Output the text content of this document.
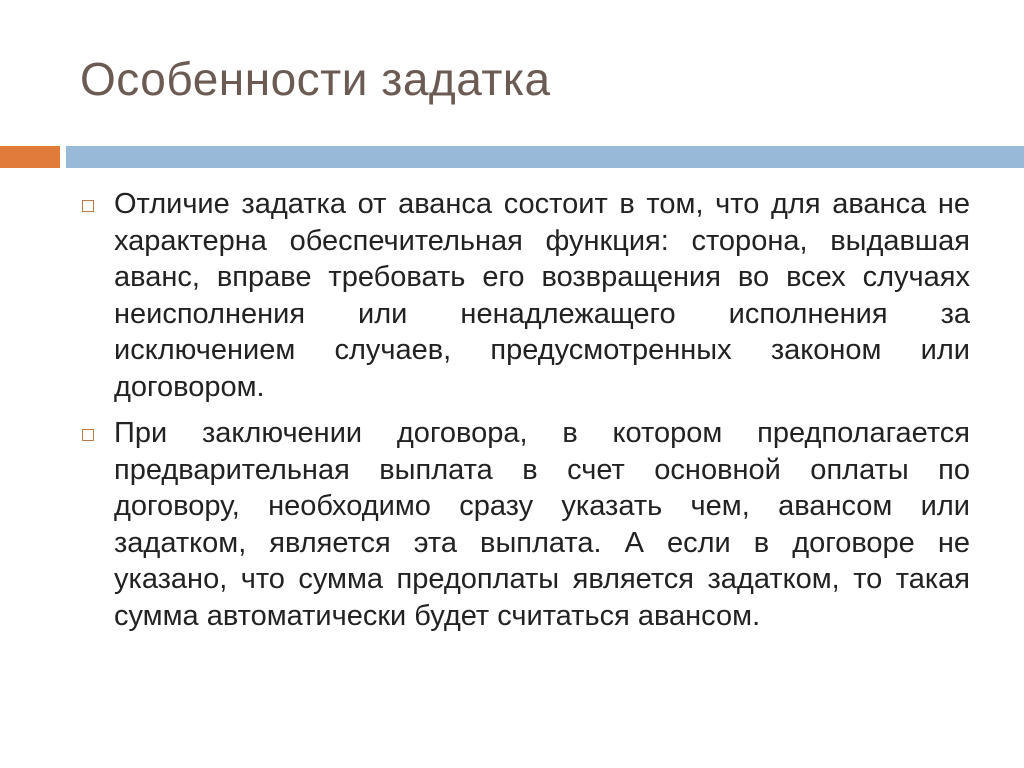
Особенности задатка
Отличие задатка от аванса состоит в том, что для аванса не характерна обеспечительная функция: сторона, выдавшая аванс, вправе требовать его возвращения во всех случаях неисполнения или ненадлежащего исполнения за исключением случаев, предусмотренных законом или договором.
При заключении договора, в котором предполагается предварительная выплата в счет основной оплаты по договору, необходимо сразу указать чем, авансом или задатком, является эта выплата. А если в договоре не указано, что сумма предоплаты является задатком, то такая сумма автоматически будет считаться авансом.
